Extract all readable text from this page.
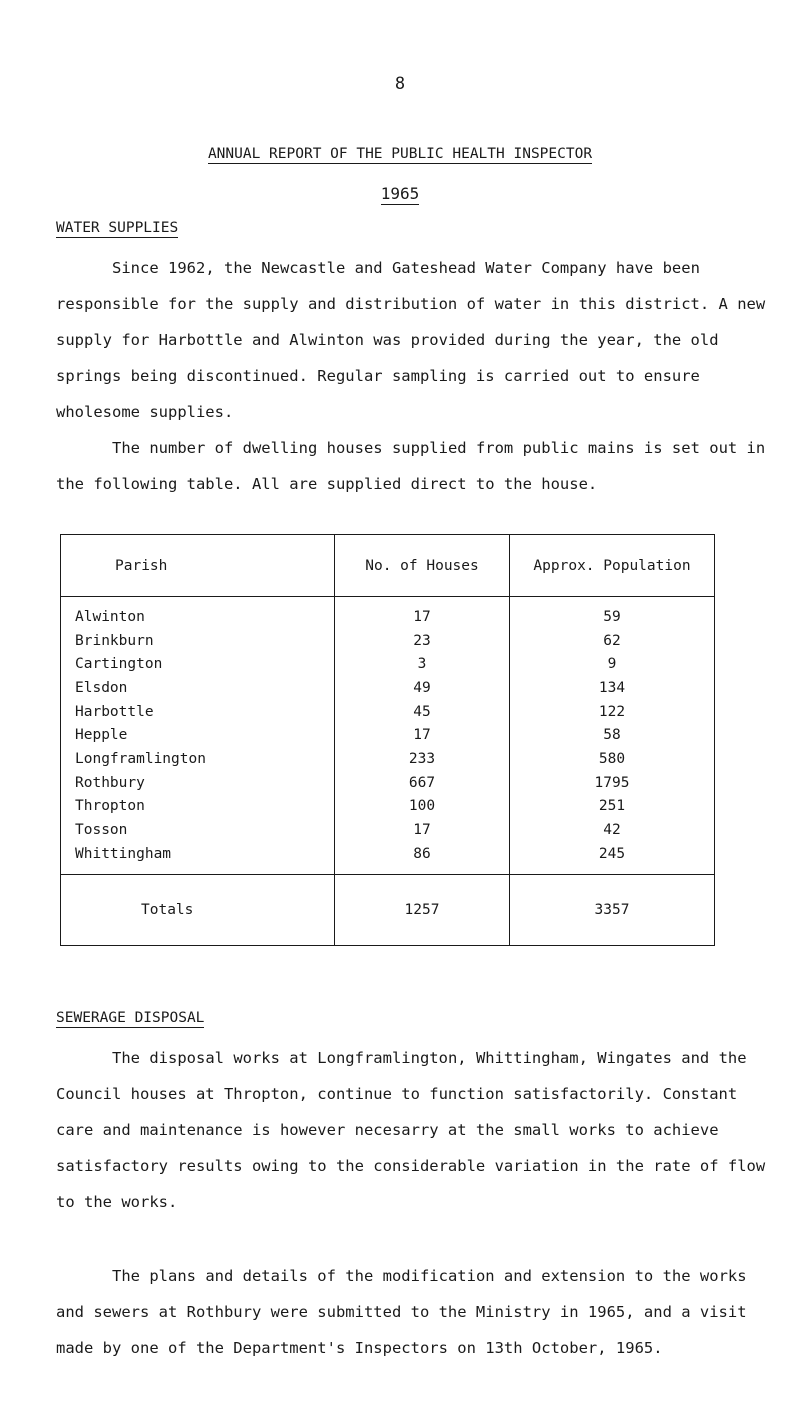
8
ANNUAL REPORT OF THE PUBLIC HEALTH INSPECTOR
1965
WATER SUPPLIES

Since 1962, the Newcastle and Gateshead Water Company have been responsible for the supply and distribution of water in this district. A new supply for Harbottle and Alwinton was provided during the year, the old springs being discontinued. Regular sampling is carried out to ensure wholesome supplies.

The number of dwelling houses supplied from public mains is set out in the following table. All are supplied direct to the house.

Parish	No. of Houses	Approx. Population
Alwinton	17	59
Brinkburn	23	62
Cartington	3	9
Elsdon	49	134
Harbottle	45	122
Hepple	17	58
Longframlington	233	580
Rothbury	667	1795
Thropton	100	251
Tosson	17	42
Whittingham	86	245
Totals	1257	3357
SEWERAGE DISPOSAL

The disposal works at Longframlington, Whittingham, Wingates and the Council houses at Thropton, continue to function satisfactorily. Constant care and maintenance is however necesarry at the small works to achieve satisfactory results owing to the considerable variation in the rate of flow to the works.

The plans and details of the modification and extension to the works and sewers at Rothbury were submitted to the Ministry in 1965, and a visit made by one of the Department's Inspectors on 13th October, 1965.
